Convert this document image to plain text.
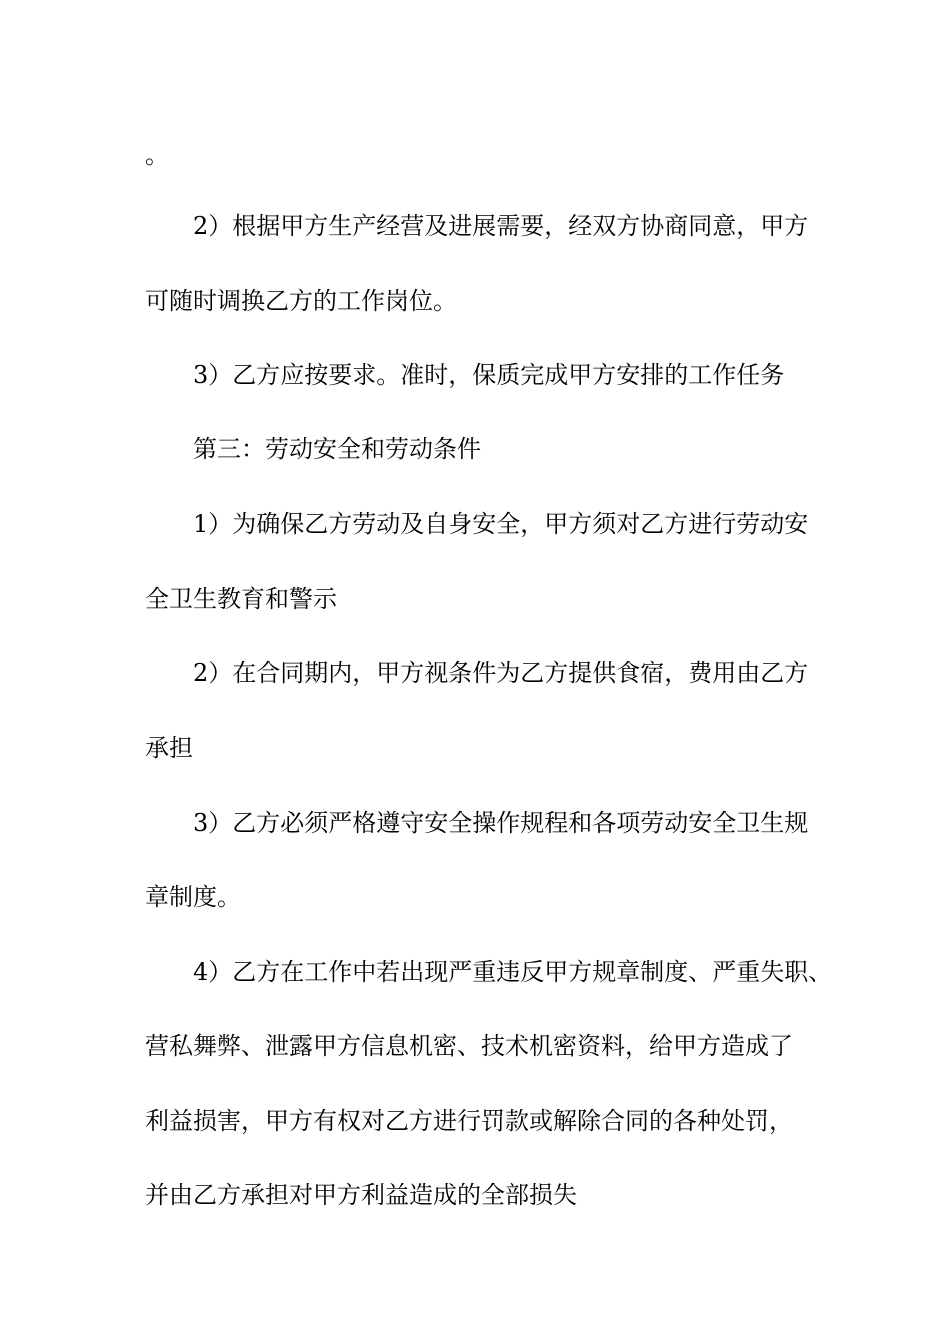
。
2）根据甲方生产经营及进展需要，经双方协商同意，甲方
可随时调换乙方的工作岗位。
3）乙方应按要求。准时，保质完成甲方安排的工作任务
第三：劳动安全和劳动条件
1）为确保乙方劳动及自身安全，甲方须对乙方进行劳动安
全卫生教育和警示
2）在合同期内，甲方视条件为乙方提供食宿，费用由乙方
承担
3）乙方必须严格遵守安全操作规程和各项劳动安全卫生规
章制度。
4）乙方在工作中若出现严重违反甲方规章制度、严重失职、
营私舞弊、泄露甲方信息机密、技术机密资料，给甲方造成了
利益损害，甲方有权对乙方进行罚款或解除合同的各种处罚，
并由乙方承担对甲方利益造成的全部损失
